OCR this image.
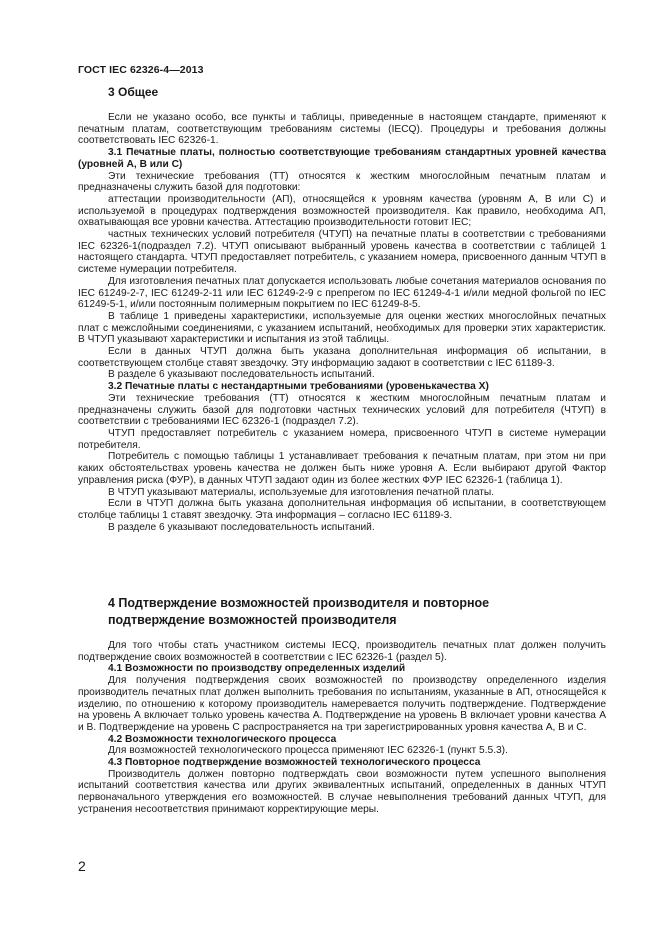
ГОСТ IEC 62326-4—2013
3 Общее

Если не указано особо, все пункты и таблицы, приведенные в настоящем стандарте, применяют к печатным платам, соответствующим требованиям системы (IECQ). Процедуры и требования должны соответствовать IEC 62326-1.

3.1 Печатные платы, полностью соответствующие требованиям стандартных уровней качества (уровней А, В или С)

Эти технические требования (ТТ) относятся к жестким многослойным печатным платам и предназначены служить базой для подготовки:

аттестации производительности (АП), относящейся к уровням качества (уровням А, В или С) и используемой в процедурах подтверждения возможностей производителя. Как правило, необходима АП, охватывающая все уровни качества. Аттестацию производительности готовит IEC;

частных технических условий потребителя (ЧТУП) на печатные платы в соответствии с требованиями IEC 62326-1(подраздел 7.2). ЧТУП описывают выбранный уровень качества в соответствии с таблицей 1 настоящего стандарта. ЧТУП предоставляет потребитель, с указанием номера, присвоенного данным ЧТУП в системе нумерации потребителя.

Для изготовления печатных плат допускается использовать любые сочетания материалов основания по IEC 61249-2-7, IEC 61249-2-11 или IEC 61249-2-9 с препрегом по IEC 61249-4-1 и/или медной фольгой по IEC 61249-5-1, и/или постоянным полимерным покрытием по IEC 61249-8-5.

В таблице 1 приведены характеристики, используемые для оценки жестких многослойных печатных плат с межслойными соединениями, с указанием испытаний, необходимых для проверки этих характеристик. В ЧТУП указывают характеристики и испытания из этой таблицы.

Если в данных ЧТУП должна быть указана дополнительная информация об испытании, в соответствующем столбце ставят звездочку. Эту информацию задают в соответствии с IEC 61189-3.

В разделе 6 указывают последовательность испытаний.

3.2 Печатные платы с нестандартными требованиями (уровенькачества X)

Эти технические требования (ТТ) относятся к жестким многослойным печатным платам и предназначены служить базой для подготовки частных технических условий для потребителя (ЧТУП) в соответствии с требованиями IEC 62326-1 (подраздел 7.2).

ЧТУП предоставляет потребитель с указанием номера, присвоенного ЧТУП в системе нумерации потребителя.

Потребитель с помощью таблицы 1 устанавливает требования к печатным платам, при этом ни при каких обстоятельствах уровень качества не должен быть ниже уровня А. Если выбирают другой Фактор управления риска (ФУР), в данных ЧТУП задают один из более жестких ФУР IEC 62326-1 (таблица 1).

В ЧТУП указывают материалы, используемые для изготовления печатной платы.

Если в ЧТУП должна быть указана дополнительная информация об испытании, в соответствующем столбце таблицы 1 ставят звездочку. Эта информация – согласно IEC 61189-3.

В разделе 6 указывают последовательность испытаний.

4 Подтверждение возможностей производителя и повторное подтверждение возможностей производителя

Для того чтобы стать участником системы IECQ, производитель печатных плат должен получить подтверждение своих возможностей в соответствии с IEC 62326-1 (раздел 5).

4.1 Возможности по производству определенных изделий

Для получения подтверждения своих возможностей по производству определенного изделия производитель печатных плат должен выполнить требования по испытаниям, указанные в АП, относящейся к изделию, по отношению к которому производитель намеревается получить подтверждение. Подтверждение на уровень А включает только уровень качества А. Подтверждение на уровень В включает уровни качества А и В. Подтверждение на уровень С распространяется на три зарегистрированных уровня качества А, В и С.

4.2 Возможности технологического процесса

Для возможностей технологического процесса применяют IEC 62326-1 (пункт 5.5.3).

4.3 Повторное подтверждение возможностей технологического процесса

Производитель должен повторно подтверждать свои возможности путем успешного выполнения испытаний соответствия качества или других эквивалентных испытаний, определенных в данных ЧТУП первоначального утверждения его возможностей. В случае невыполнения требований данных ЧТУП, для устранения несоответствия принимают корректирующие меры.

2
